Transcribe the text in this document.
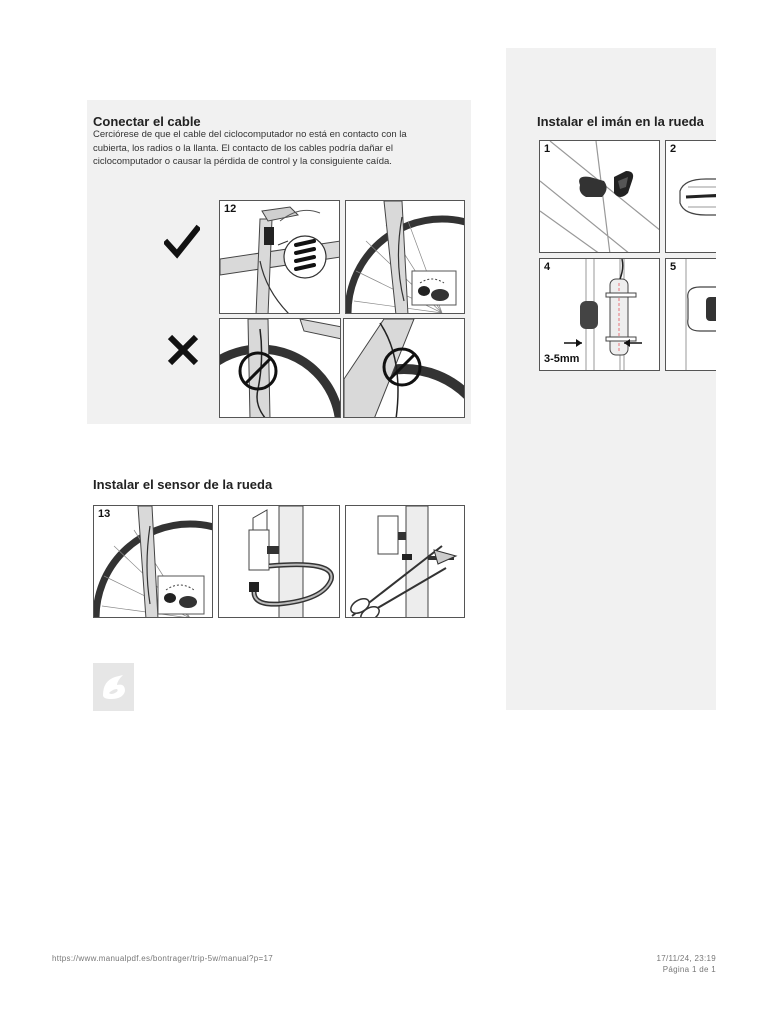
Conectar el cable

Cerciórese de que el cable del ciclocomputador no está en contacto con la cubierta, los radios o la llanta. El contacto de los cables podría dañar el ciclocomputador o causar la pérdida de control y la consiguiente caída.

12
Instalar el sensor de la rueda
13
Instalar el imán en la rueda
1	2
4
3-5mm
5
https://www.manualpdf.es/bontrager/trip-5w/manual?p=17	17/11/24, 23:19
Página 1 de 1
